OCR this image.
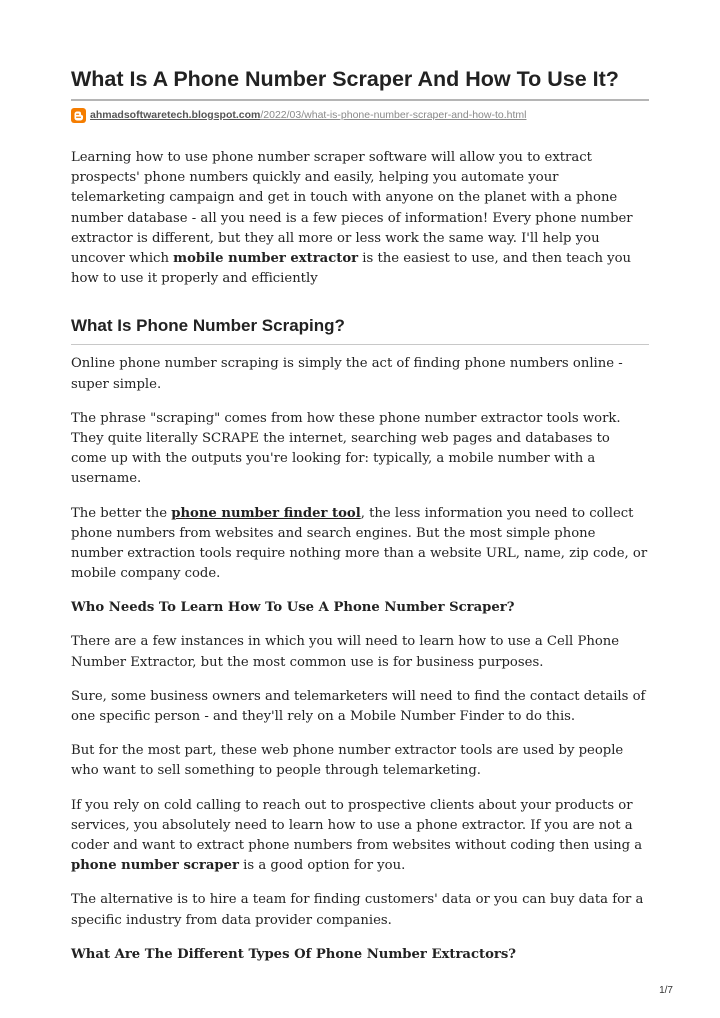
What Is A Phone Number Scraper And How To Use It?
ahmadsoftwaretech.blogspot.com /2022/03/what-is-phone-number-scraper-and-how-to.html

Learning how to use phone number scraper software will allow you to extract prospects' phone numbers quickly and easily, helping you automate your telemarketing campaign and get in touch with anyone on the planet with a phone number database - all you need is a few pieces of information! Every phone number extractor is different, but they all more or less work the same way. I'll help you uncover which mobile number extractor is the easiest to use, and then teach you how to use it properly and efficiently

What Is Phone Number Scraping?

Online phone number scraping is simply the act of finding phone numbers online - super simple.

The phrase "scraping" comes from how these phone number extractor tools work. They quite literally SCRAPE the internet, searching web pages and databases to come up with the outputs you're looking for: typically, a mobile number with a username.

The better the phone number finder tool, the less information you need to collect phone numbers from websites and search engines. But the most simple phone number extraction tools require nothing more than a website URL, name, zip code, or mobile company code.

Who Needs To Learn How To Use A Phone Number Scraper?

There are a few instances in which you will need to learn how to use a Cell Phone Number Extractor, but the most common use is for business purposes.

Sure, some business owners and telemarketers will need to find the contact details of one specific person - and they'll rely on a Mobile Number Finder to do this.

But for the most part, these web phone number extractor tools are used by people who want to sell something to people through telemarketing.

If you rely on cold calling to reach out to prospective clients about your products or services, you absolutely need to learn how to use a phone extractor. If you are not a coder and want to extract phone numbers from websites without coding then using a phone number scraper is a good option for you.

The alternative is to hire a team for finding customers' data or you can buy data for a specific industry from data provider companies.

What Are The Different Types Of Phone Number Extractors?
1/7
